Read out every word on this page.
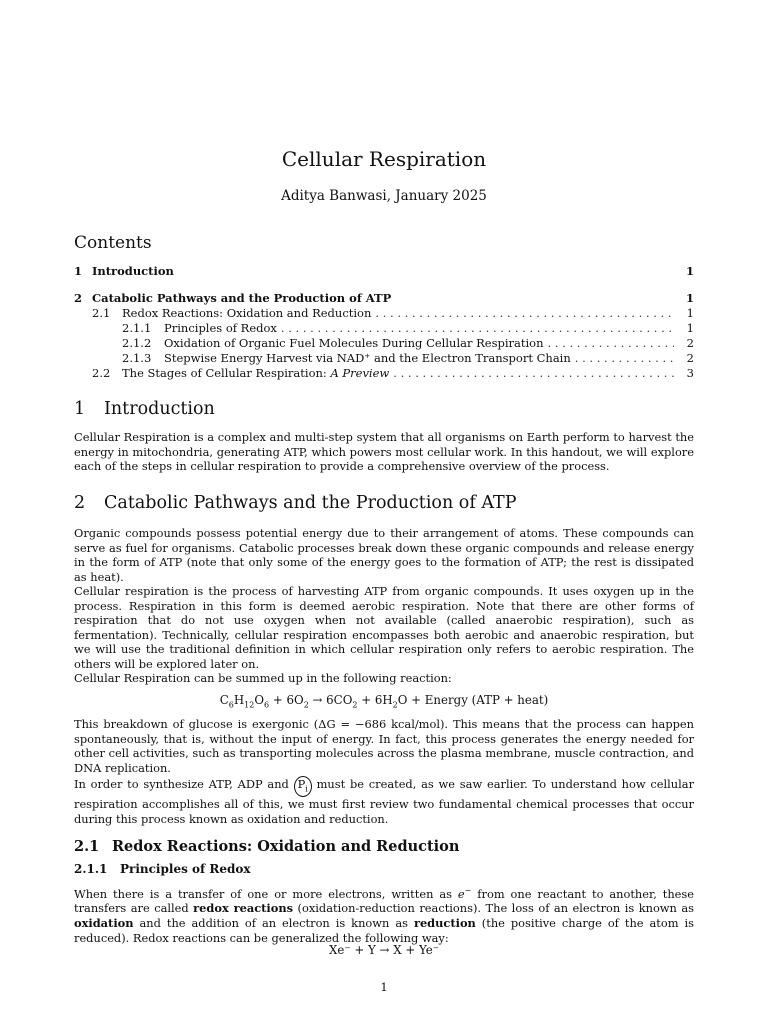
Cellular Respiration
Aditya Banwasi, January 2025
Contents
1 Introduction	1
2 Catabolic Pathways and the Production of ATP	1
2.1	Redox Reactions: Oxidation and Reduction . . .	1
2.1.1	Principles of Redox . . .	1
2.1.2	Oxidation of Organic Fuel Molecules During Cellular Respiration . . .	2
2.1.3	Stepwise Energy Harvest via NAD⁺ and the Electron Transport Chain . . .	2
2.2	The Stages of Cellular Respiration: A Preview . . .	3
1 Introduction
Cellular Respiration is a complex and multi-step system that all organisms on Earth perform to harvest the energy in mitochondria, generating ATP, which powers most cellular work. In this handout, we will explore each of the steps in cellular respiration to provide a comprehensive overview of the process.
2 Catabolic Pathways and the Production of ATP
Organic compounds possess potential energy due to their arrangement of atoms. These compounds can serve as fuel for organisms. Catabolic processes break down these organic compounds and release energy in the form of ATP (note that only some of the energy goes to the formation of ATP; the rest is dissipated as heat).
Cellular respiration is the process of harvesting ATP from organic compounds. It uses oxygen up in the process. Respiration in this form is deemed aerobic respiration. Note that there are other forms of respiration that do not use oxygen when not available (called anaerobic respiration), such as fermentation). Technically, cellular respiration encompasses both aerobic and anaerobic respiration, but we will use the traditional definition in which cellular respiration only refers to aerobic respiration. The others will be explored later on.
Cellular Respiration can be summed up in the following reaction:
$C_6H_{12}O_6 + 6O_2 \to 6CO_2 + 6H_2O$ + Energy (ATP + heat)
This breakdown of glucose is exergonic (ΔG = −686 kcal/mol). This means that the process can happen spontaneously, that is, without the input of energy. In fact, this process generates the energy needed for other cell activities, such as transporting molecules across the plasma membrane, muscle contraction, and DNA replication.
In order to synthesize ATP, ADP and $P_i$ must be created, as we saw earlier. To understand how cellular respiration accomplishes all of this, we must first review two fundamental chemical processes that occur during this process known as oxidation and reduction.
2.1 Redox Reactions: Oxidation and Reduction
2.1.1 Principles of Redox
When there is a transfer of one or more electrons, written as e− from one reactant to another, these transfers are called redox reactions (oxidation-reduction reactions). The loss of an electron is known as oxidation and the addition of an electron is known as reduction (the positive charge of the atom is reduced). Redox reactions can be generalized the following way:
Xe⁻ + Y → X + Ye⁻
1
